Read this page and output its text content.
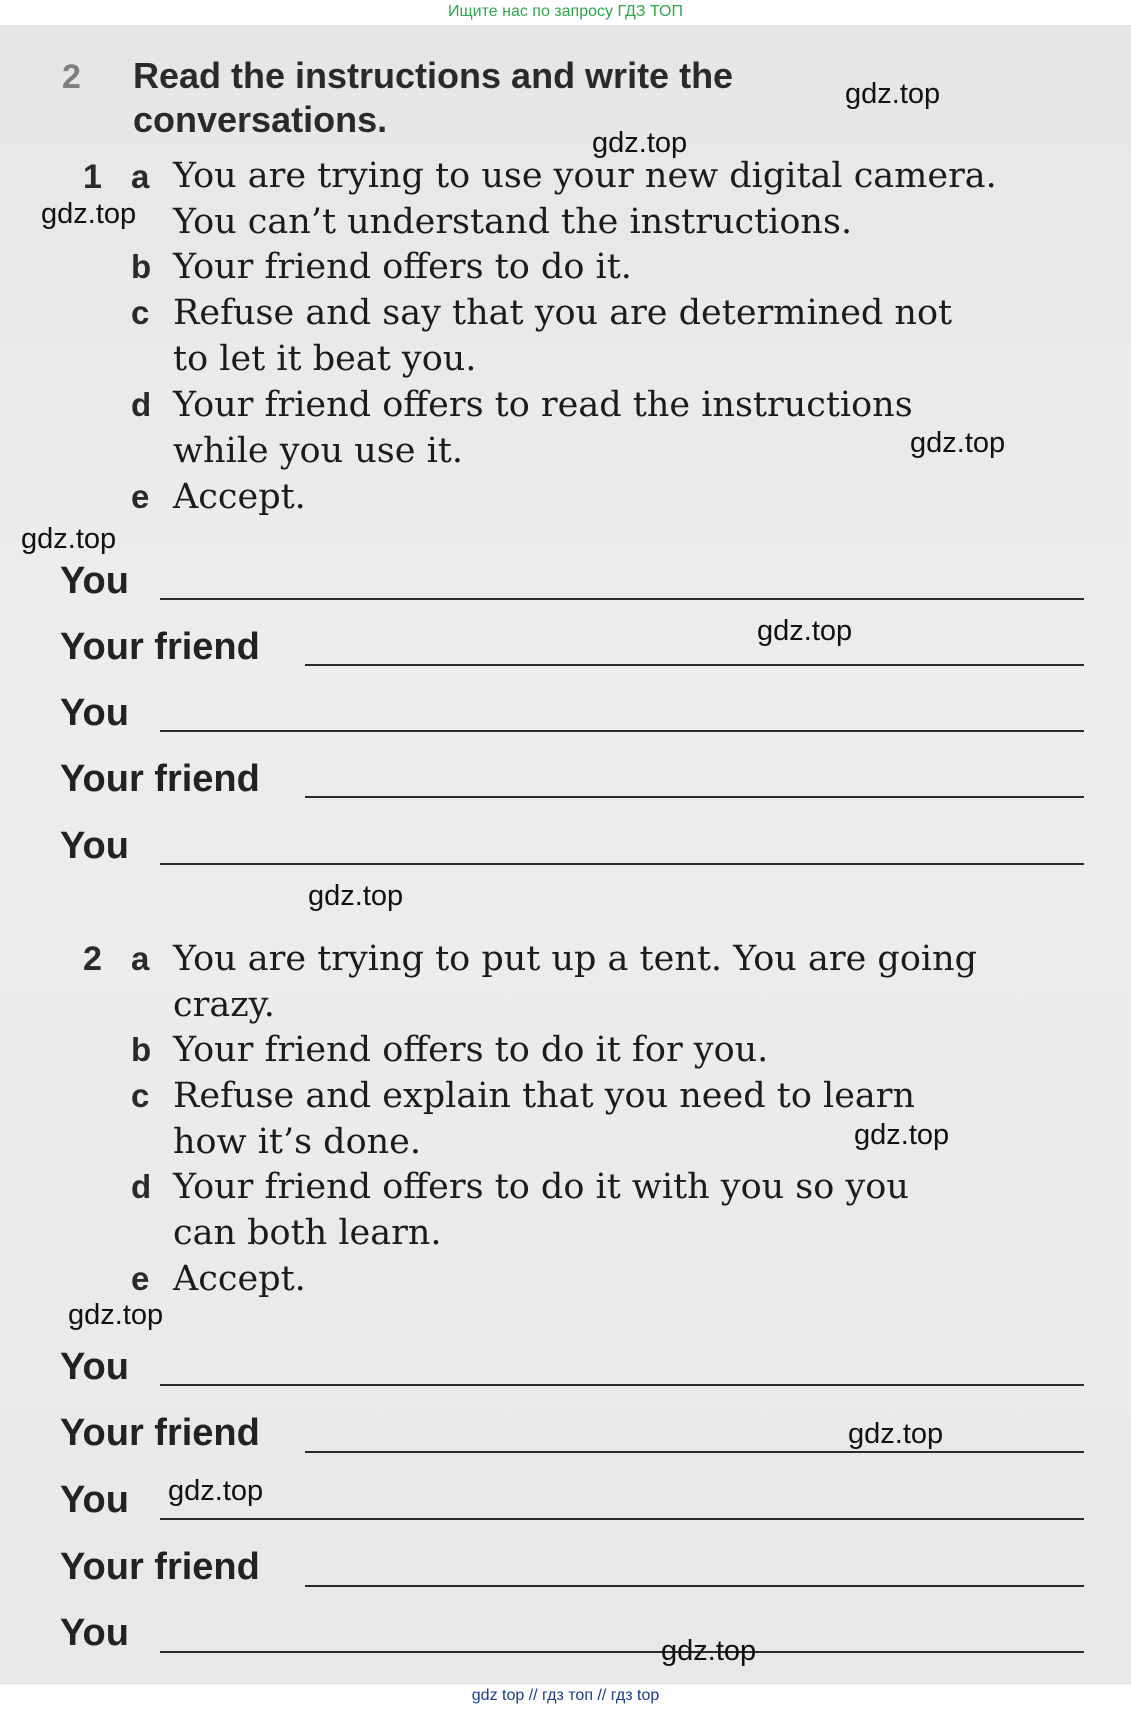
Ищите нас по запросу ГДЗ ТОП
2 Read the instructions and write the
conversations.
1 a You are trying to use your new digital camera.
You can’t understand the instructions.
b Your friend offers to do it.
c Refuse and say that you are determined not
to let it beat you.
d Your friend offers to read the instructions
while you use it.
e Accept.
You
Your friend
You
Your friend
You
2 a You are trying to put up a tent. You are going
crazy.
b Your friend offers to do it for you.
c Refuse and explain that you need to learn
how it’s done.
d Your friend offers to do it with you so you
can both learn.
e Accept.
You
Your friend
You
Your friend
You
gdz.top
gdz.top
gdz.top
gdz.top
gdz.top
gdz.top
gdz.top
gdz.top
gdz.top
gdz.top
gdz.top
gdz.top
gdz top // гдз топ // гдз top
